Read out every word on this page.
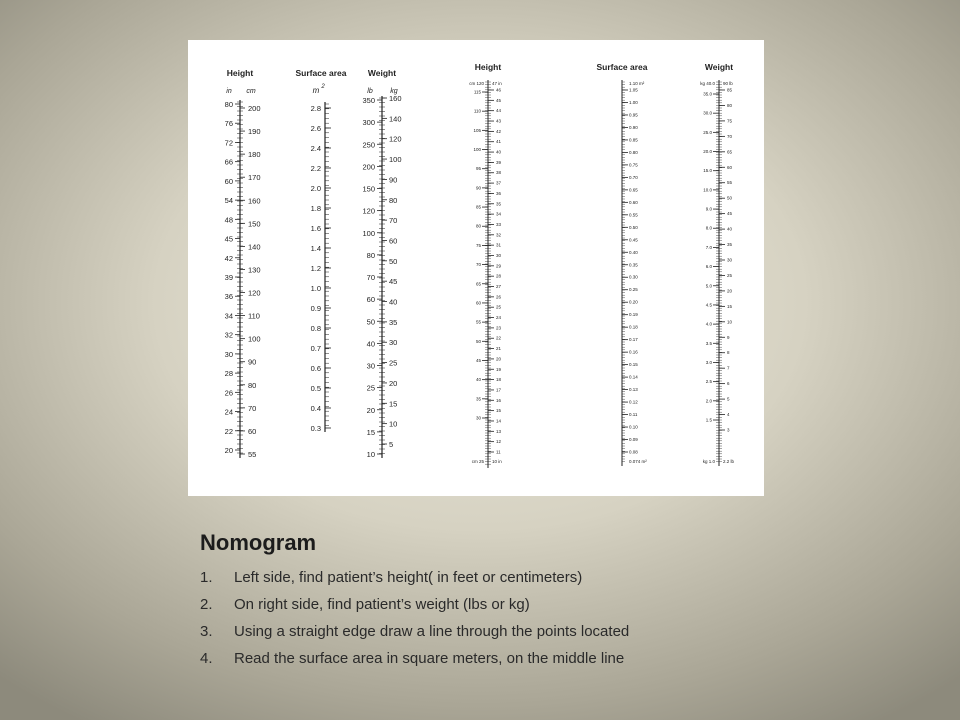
Height	Surface area	Weight
in cm	m 2
lb	kg
80
76
72
66
60
54
48
45
42
39
36
34
32
30
28
26
24
22
20
200
190
180
170
160
150
140
130
120
110
100
90
80
70
60
55
2.8
2.6
2.4
2.2
2.0
1.8
1.6
1.4
1.2
1.0
0.9
0.8
0.7
0.6
0.5
0.4
0.3
350
300
250
200
150
120
100
80
70
60
50
40
30
25
20
15
10
160
140
120
100
90
80
70
60
50
45
40
35
30
25
20
15
10
5
Height	Surface area	Weight
cm 120 47 in
cm 25 10 in
115
110
105
100
95
90
85
80
75
70
65
60
55
50
45
40
35
30
46
45
44
43
42
41
40
39
38
37
36
35
34
33
32
31
30
29
28
27
26
25
24
23
22
21
20
19
18
17
16
15
14
13
12
11
1.10 m²
0.074 m²
1.05
1.00
0.95
0.90
0.85
0.80
0.75
0.70
0.65
0.60
0.55
0.50
0.45
0.40
0.35
0.30
0.25
0.20
0.19
0.18
0.17
0.16
0.15
0.14
0.13
0.12
0.11
0.10
0.09
0.08
kg 40.0 90 lb
kg 1.0 2.2 lb
35.0
30.0
25.0
20.0
15.0
10.0
9.0
8.0
7.0
6.0
5.0
4.5
4.0
3.5
3.0
2.5
2.0
1.5
85
80
75
70
65
60
55
50
45
40
35
30
25
20
15
10
9
8
7
6
5
4
3
Nomogram
1. Left side, find patient’s height( in feet or centimeters)
2. On right side, find patient’s weight (lbs or kg)
3. Using a straight edge draw a line through the points located
4. Read the surface area in square meters, on the middle line
